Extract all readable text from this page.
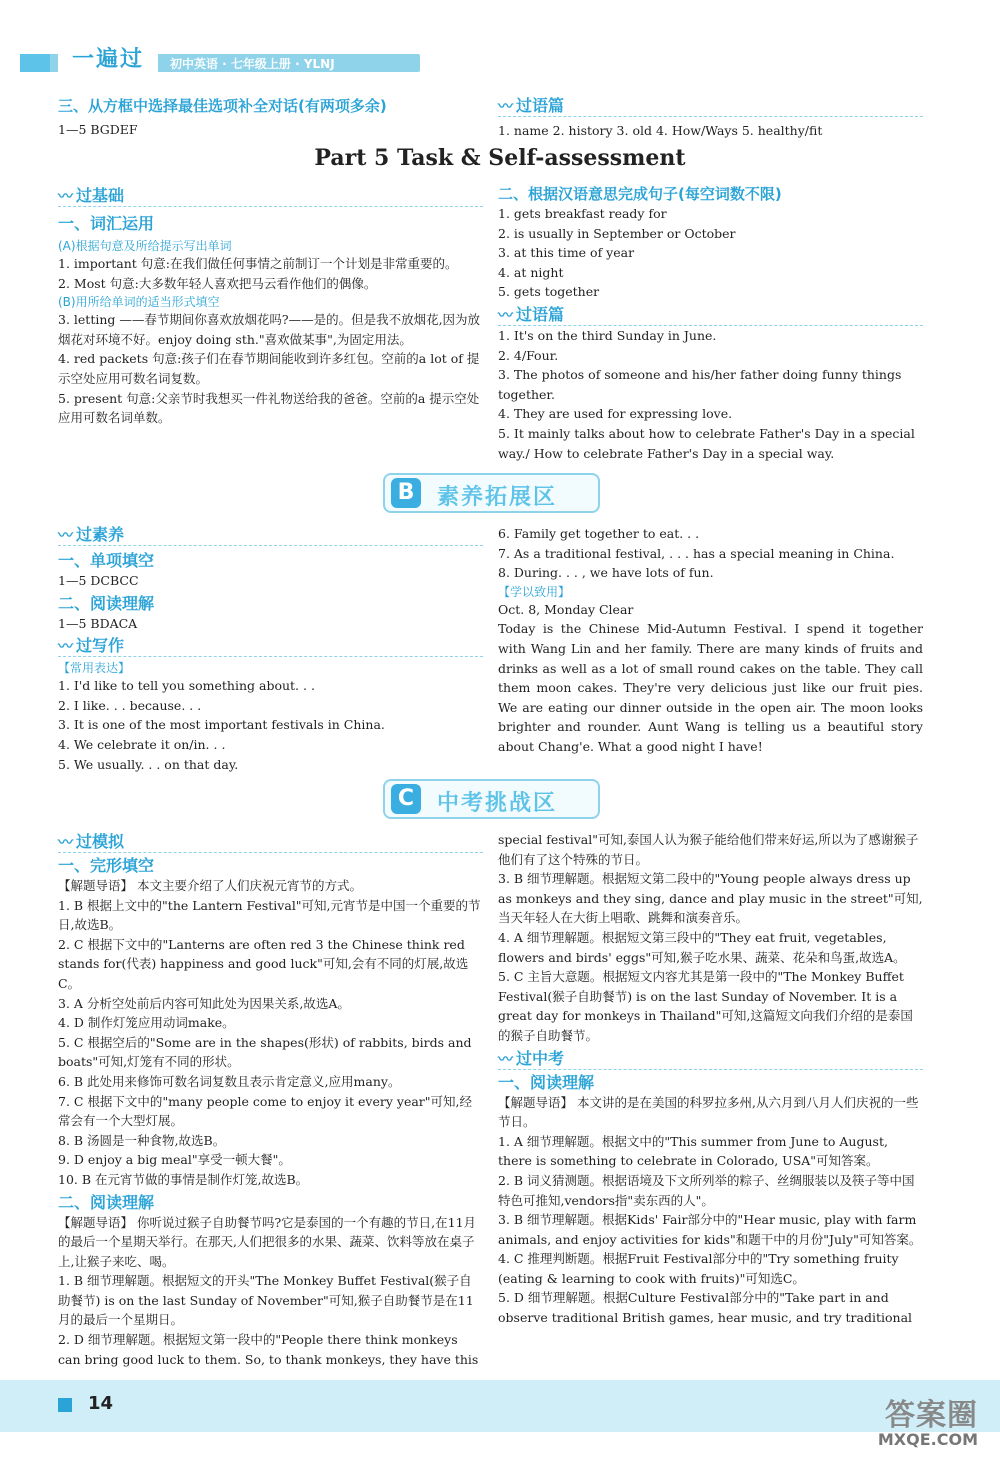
一遍过	初中英语 · 七年级上册 · YLNJ
三、从方框中选择最佳选项补全对话(有两项多余)
1—5 BGDEF
〰 过语篇
1. name 2. history 3. old 4. How/Ways 5. healthy/fit
Part 5 Task & Self-assessment
〰 过基础
一、词汇运用
(A)根据句意及所给提示写出单词
1. important 句意:在我们做任何事情之前制订一个计划是非常重要的。
2. Most 句意:大多数年轻人喜欢把马云看作他们的偶像。
(B)用所给单词的适当形式填空
3. letting ——春节期间你喜欢放烟花吗?——是的。但是我不放烟花,因为放烟花对环境不好。enjoy doing sth."喜欢做某事",为固定用法。
4. red packets 句意:孩子们在春节期间能收到许多红包。空前的a lot of 提示空处应用可数名词复数。
5. present 句意:父亲节时我想买一件礼物送给我的爸爸。空前的a 提示空处应用可数名词单数。
二、根据汉语意思完成句子(每空词数不限)
1. gets breakfast ready for
2. is usually in September or October
3. at this time of year
4. at night
5. gets together
〰 过语篇
1. It's on the third Sunday in June.
2. 4/Four.
3. The photos of someone and his/her father doing funny things together.
4. They are used for expressing love.
5. It mainly talks about how to celebrate Father's Day in a special way./ How to celebrate Father's Day in a special way.
B	素养拓展区
〰 过素养
一、单项填空
1—5 DCBCC
二、阅读理解
1—5 BDACA
〰 过写作
【常用表达】
1. I'd like to tell you something about. . .
2. I like. . . because. . .
3. It is one of the most important festivals in China.
4. We celebrate it on/in. . .
5. We usually. . . on that day.
6. Family get together to eat. . .
7. As a traditional festival, . . . has a special meaning in China.
8. During. . . , we have lots of fun.
【学以致用】
Oct. 8, Monday Clear
Today is the Chinese Mid-Autumn Festival. I spend it together with Wang Lin and her family. There are many kinds of fruits and drinks as well as a lot of small round cakes on the table. They call them moon cakes. They're very delicious just like our fruit pies. We are eating our dinner outside in the open air. The moon looks brighter and rounder. Aunt Wang is telling us a beautiful story about Chang'e. What a good night I have!
C	中考挑战区
〰 过模拟
一、完形填空
【解题导语】 本文主要介绍了人们庆祝元宵节的方式。
1. B 根据上文中的"the Lantern Festival"可知,元宵节是中国一个重要的节日,故选B。
2. C 根据下文中的"Lanterns are often red 3 the Chinese think red stands for(代表) happiness and good luck"可知,会有不同的灯展,故选C。
3. A 分析空处前后内容可知此处为因果关系,故选A。
4. D 制作灯笼应用动词make。
5. C 根据空后的"Some are in the shapes(形状) of rabbits, birds and boats"可知,灯笼有不同的形状。
6. B 此处用来修饰可数名词复数且表示肯定意义,应用many。
7. C 根据下文中的"many people come to enjoy it every year"可知,经常会有一个大型灯展。
8. B 汤圆是一种食物,故选B。
9. D enjoy a big meal"享受一顿大餐"。
10. B 在元宵节做的事情是制作灯笼,故选B。
二、阅读理解
【解题导语】 你听说过猴子自助餐节吗?它是泰国的一个有趣的节日,在11月的最后一个星期天举行。在那天,人们把很多的水果、蔬菜、饮料等放在桌子上,让猴子来吃、喝。
1. B 细节理解题。根据短文的开头"The Monkey Buffet Festival(猴子自助餐节) is on the last Sunday of November"可知,猴子自助餐节是在11月的最后一个星期日。
2. D 细节理解题。根据短文第一段中的"People there think monkeys can bring good luck to them. So, to thank monkeys, they have this
special festival"可知,泰国人认为猴子能给他们带来好运,所以为了感谢猴子他们有了这个特殊的节日。
3. B 细节理解题。根据短文第二段中的"Young people always dress up as monkeys and they sing, dance and play music in the street"可知,当天年轻人在大街上唱歌、跳舞和演奏音乐。
4. A 细节理解题。根据短文第三段中的"They eat fruit, vegetables, flowers and birds' eggs"可知,猴子吃水果、蔬菜、花朵和鸟蛋,故选A。
5. C 主旨大意题。根据短文内容尤其是第一段中的"The Monkey Buffet Festival(猴子自助餐节) is on the last Sunday of November. It is a great day for monkeys in Thailand"可知,这篇短文向我们介绍的是泰国的猴子自助餐节。
〰 过中考
一、阅读理解
【解题导语】 本文讲的是在美国的科罗拉多州,从六月到八月人们庆祝的一些节日。
1. A 细节理解题。根据文中的"This summer from June to August, there is something to celebrate in Colorado, USA"可知答案。
2. B 词义猜测题。根据语境及下文所列举的粽子、丝绸服装以及筷子等中国特色可推知,vendors指"卖东西的人"。
3. B 细节理解题。根据Kids' Fair部分中的"Hear music, play with farm animals, and enjoy activities for kids"和题干中的月份"July"可知答案。
4. C 推理判断题。根据Fruit Festival部分中的"Try something fruity (eating & learning to cook with fruits)"可知选C。
5. D 细节理解题。根据Culture Festival部分中的"Take part in and observe traditional British games, hear music, and try traditional
14	答案圈
MXQE.COM
